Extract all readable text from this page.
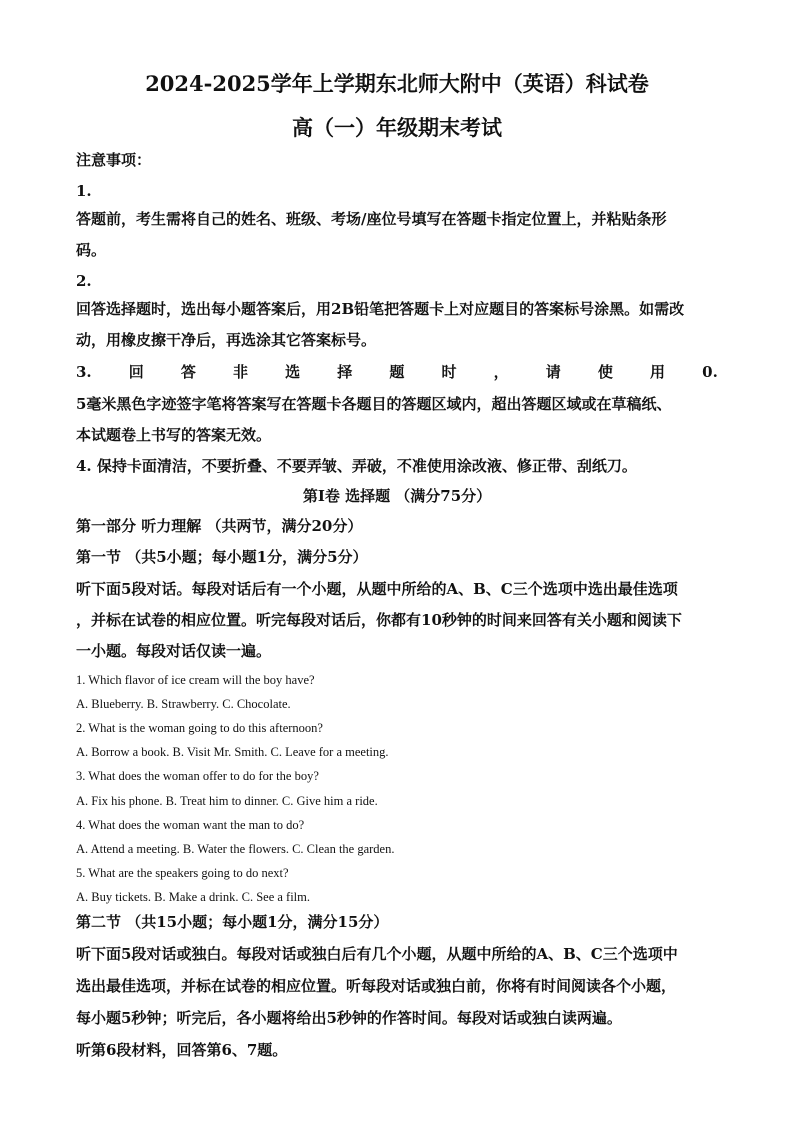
2024-2025学年上学期东北师大附中（英语）科试卷
高（一）年级期末考试
注意事项：
1.
答题前，考生需将自己的姓名、班级、考场/座位号填写在答题卡指定位置上，并粘贴条形
码。
2.
回答选择题时，选出每小题答案后，用2B铅笔把答题卡上对应题目的答案标号涂黑。如需改
动，用橡皮擦干净后，再选涂其它答案标号。
3. 回 答 非 选 择 题 时 ， 请 使 用 0.
5毫米黑色字迹签字笔将答案写在答题卡各题目的答题区域内，超出答题区域或在草稿纸、
本试题卷上书写的答案无效。
4. 保持卡面清洁，不要折叠、不要弄皱、弄破，不准使用涂改液、修正带、刮纸刀。
第Ⅰ卷 选择题 （满分75分）
第一部分 听力理解 （共两节，满分20分）
第一节 （共5小题；每小题1分，满分5分）
听下面5段对话。每段对话后有一个小题，从题中所给的A、B、C三个选项中选出最佳选项
，并标在试卷的相应位置。听完每段对话后，你都有10秒钟的时间来回答有关小题和阅读下
一小题。每段对话仅读一遍。
1. Which flavor of ice cream will the boy have?
A. Blueberry. B. Strawberry. C. Chocolate.
2. What is the woman going to do this afternoon?
A. Borrow a book. B. Visit Mr. Smith. C. Leave for a meeting.
3. What does the woman offer to do for the boy?
A. Fix his phone. B. Treat him to dinner. C. Give him a ride.
4. What does the woman want the man to do?
A. Attend a meeting. B. Water the flowers. C. Clean the garden.
5. What are the speakers going to do next?
A. Buy tickets. B. Make a drink. C. See a film.
第二节 （共15小题；每小题1分，满分15分）
听下面5段对话或独白。每段对话或独白后有几个小题，从题中所给的A、B、C三个选项中
选出最佳选项，并标在试卷的相应位置。听每段对话或独白前，你将有时间阅读各个小题，
每小题5秒钟；听完后，各小题将给出5秒钟的作答时间。每段对话或独白读两遍。
听第6段材料，回答第6、7题。
